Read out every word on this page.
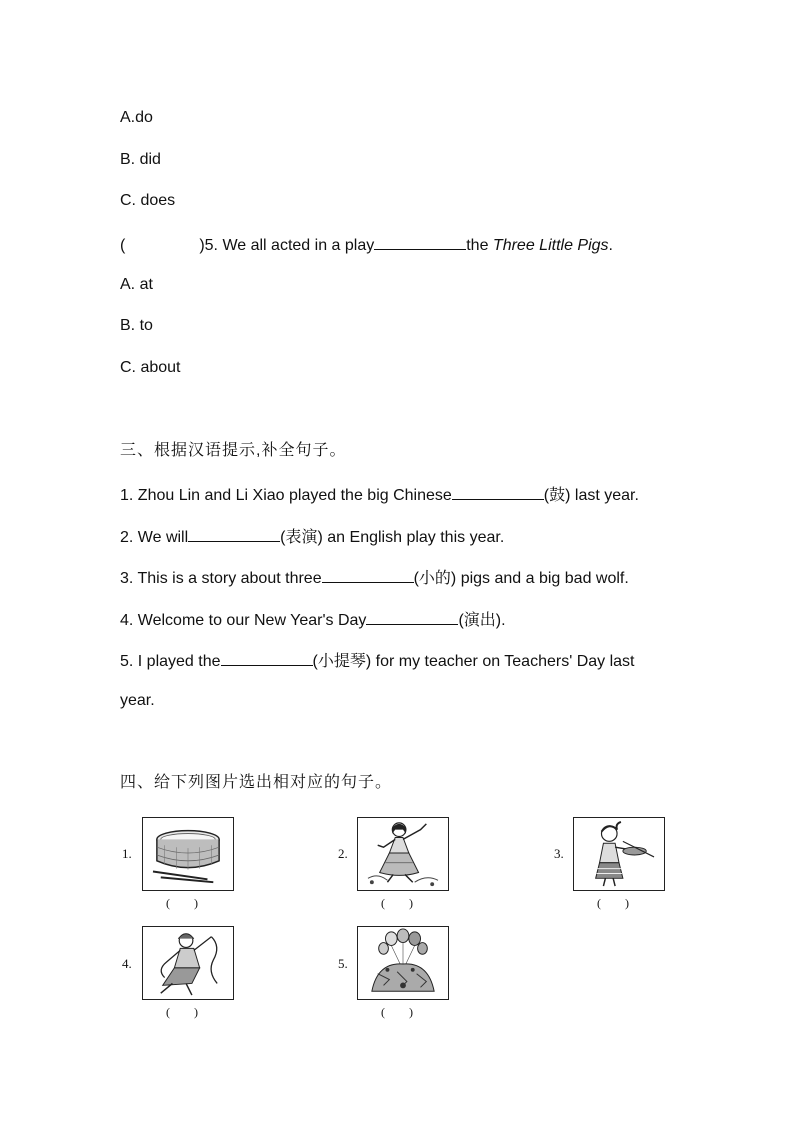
A.do
B. did
C. does
(	)5. We all acted in a play	the Three Little Pigs.
A. at
B. to
C. about
三、根据汉语提示,补全句子。
1. Zhou Lin and Li Xiao played the big Chinese	(鼓) last year.
2. We will	(表演) an English play this year.
3. This is a story about three	(小的) pigs and a big bad wolf.
4. Welcome to our New Year's Day	(演出).
5. I played the	(小提琴) for my teacher on Teachers' Day last
year.
四、给下列图片选出相对应的句子。
1.
(        )
2.
(        )
3.
(        )
4.
(        )
5.
(        )
